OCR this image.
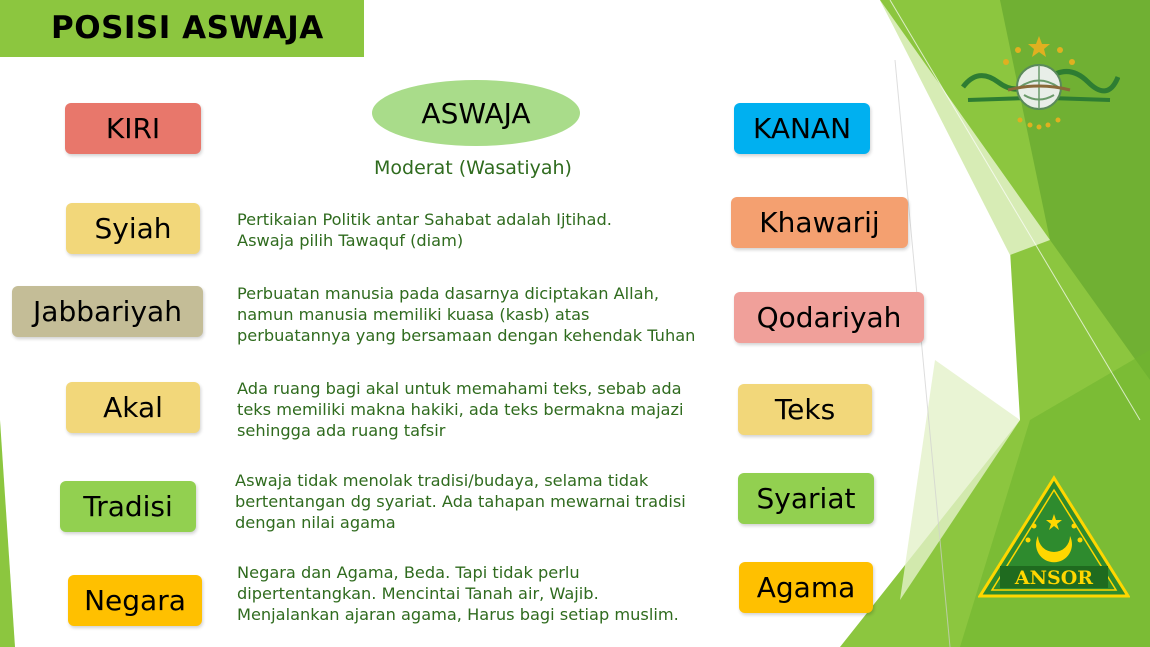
POSISI ASWAJA
ASWAJA
Moderat (Wasatiyah)
KIRI
Syiah
Jabbariyah
Akal
Tradisi
Negara
KANAN
Khawarij
Qodariyah
Teks
Syariat
Agama
Pertikaian Politik antar Sahabat adalah Ijtihad.
Aswaja pilih Tawaquf (diam)
Perbuatan manusia pada dasarnya diciptakan Allah,
namun manusia memiliki kuasa (kasb) atas
perbuatannya yang bersamaan dengan kehendak Tuhan
Ada ruang bagi akal untuk memahami teks, sebab ada
teks memiliki makna hakiki, ada teks bermakna majazi
sehingga ada ruang tafsir
Aswaja tidak menolak tradisi/budaya, selama tidak
bertentangan dg syariat. Ada tahapan mewarnai tradisi
dengan nilai agama
Negara dan Agama, Beda. Tapi tidak perlu
dipertentangkan. Mencintai Tanah air, Wajib.
Menjalankan ajaran agama, Harus bagi setiap muslim.
ANSOR
